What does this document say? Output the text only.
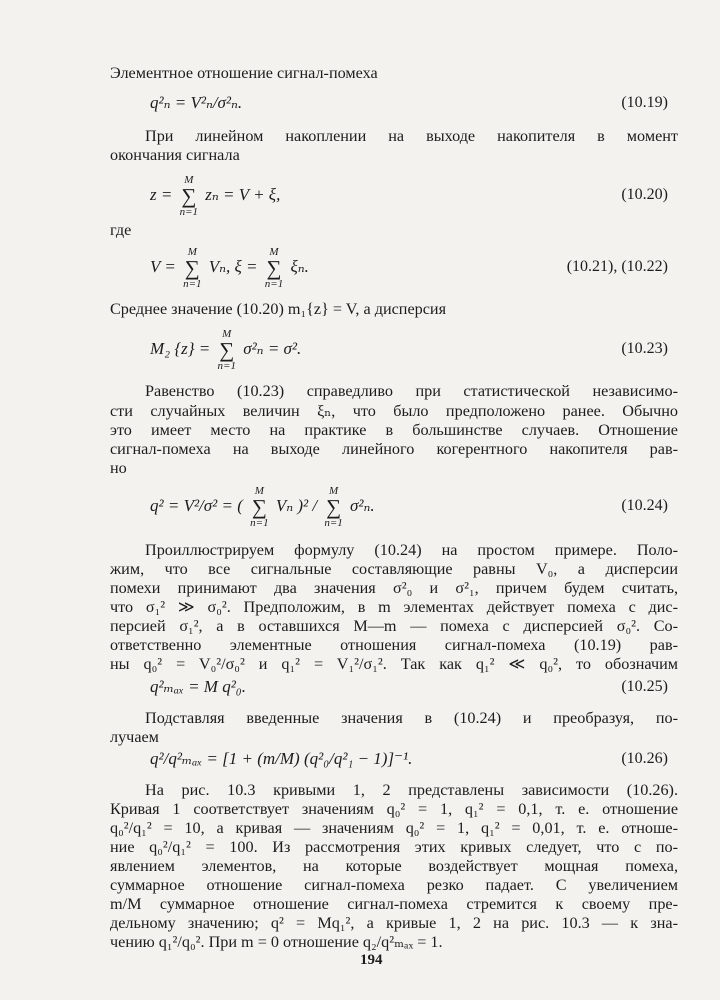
Элементное отношение сигнал-помеха
q²ₙ = V²ₙ/σ²ₙ.	(10.19)
При линейном накоплении на выходе накопителя в момент
окончания сигнала
z = M
∑
n=1 zₙ = V + ξ,	(10.20)
где
V = M
∑
n=1 Vₙ, ξ = M
∑
n=1 ξₙ.	(10.21), (10.22)
Среднее значение (10.20) m₁{z} = V, а дисперсия
M₂ {z} = M
∑
n=1 σ²ₙ = σ².	(10.23)
Равенство (10.23) справедливо при статистической независимо-
сти случайных величин ξₙ, что было предположено ранее. Обычно
это имеет место на практике в большинстве случаев. Отношение
сигнал-помеха на выходе линейного когерентного накопителя рав-
но
q² = V²/σ² = ( M
∑
n=1 Vₙ )² / M
∑
n=1 σ²ₙ.	(10.24)
Проиллюстрируем формулу (10.24) на простом примере. Поло-
жим, что все сигнальные составляющие равны V₀, а дисперсии
помехи принимают два значения σ²₀ и σ²₁, причем будем считать,
что σ₁² ≫ σ₀². Предположим, в m элементах действует помеха с дис-
персией σ₁², а в оставшихся M—m — помеха с дисперсией σ₀². Со-
ответственно элементные отношения сигнал-помеха (10.19) рав-
ны q₀² = V₀²/σ₀² и q₁² = V₁²/σ₁². Так как q₁² ≪ q₀², то обозначим
q²ₘₐₓ = M q²₀.	(10.25)
Подставляя введенные значения в (10.24) и преобразуя, по-
лучаем
q²/q²ₘₐₓ = [1 + (m/M) (q²₀/q²₁ − 1)]⁻¹.	(10.26)
На рис. 10.3 кривыми 1, 2 представлены зависимости (10.26).
Кривая 1 соответствует значениям q₀² = 1, q₁² = 0,1, т. е. отношение
q₀²/q₁² = 10, а кривая — значениям q₀² = 1, q₁² = 0,01, т. е. отноше-
ние q₀²/q₁² = 100. Из рассмотрения этих кривых следует, что с по-
явлением элементов, на которые воздействует мощная помеха,
суммарное отношение сигнал-помеха резко падает. С увеличением
m/M суммарное отношение сигнал-помеха стремится к своему пре-
дельному значению; q² = Mq₁², а кривые 1, 2 на рис. 10.3 — к зна-
чению q₁²/q₀². При m = 0 отношение q₂/q²ₘₐₓ = 1.
194
